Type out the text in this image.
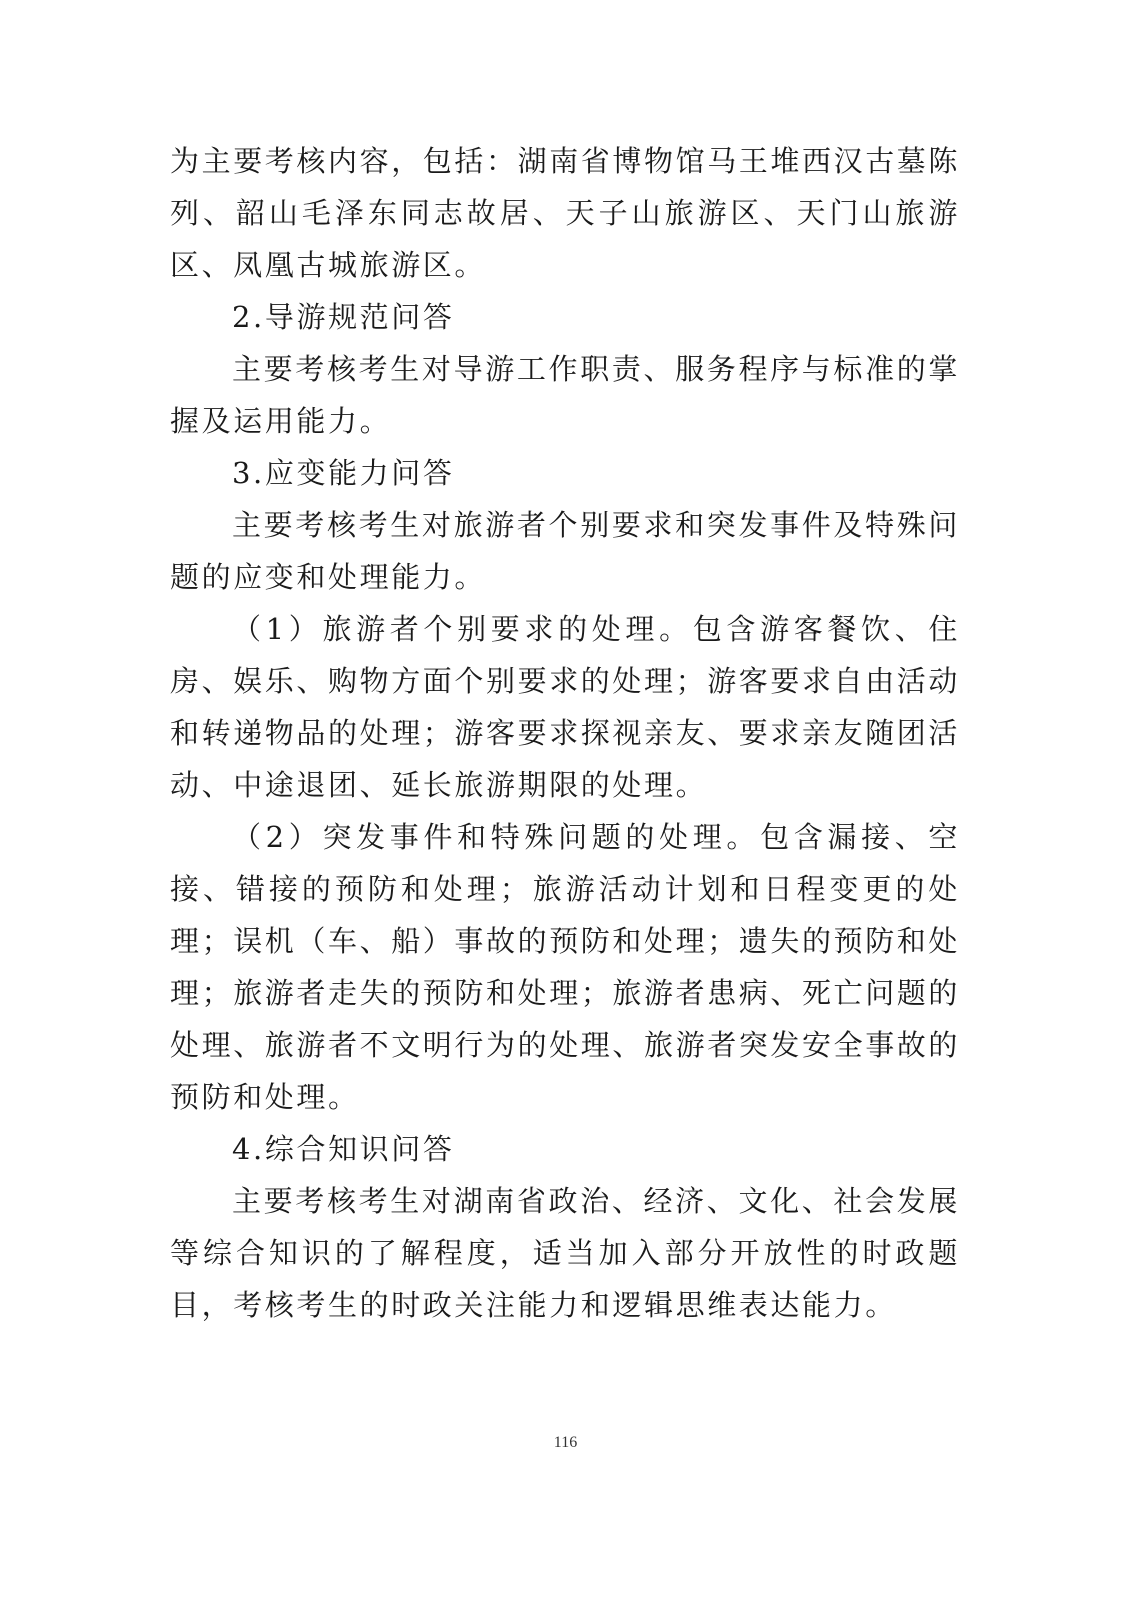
为主要考核内容，包括：湖南省博物馆马王堆西汉古墓陈列、韶山毛泽东同志故居、天子山旅游区、天门山旅游区、凤凰古城旅游区。

2.导游规范问答

主要考核考生对导游工作职责、服务程序与标准的掌握及运用能力。

3.应变能力问答

主要考核考生对旅游者个别要求和突发事件及特殊问题的应变和处理能力。

（1）旅游者个别要求的处理。包含游客餐饮、住房、娱乐、购物方面个别要求的处理；游客要求自由活动和转递物品的处理；游客要求探视亲友、要求亲友随团活动、中途退团、延长旅游期限的处理。

（2）突发事件和特殊问题的处理。包含漏接、空接、错接的预防和处理；旅游活动计划和日程变更的处理；误机（车、船）事故的预防和处理；遗失的预防和处理；旅游者走失的预防和处理；旅游者患病、死亡问题的处理、旅游者不文明行为的处理、旅游者突发安全事故的预防和处理。

4.综合知识问答

主要考核考生对湖南省政治、经济、文化、社会发展等综合知识的了解程度，适当加入部分开放性的时政题目，考核考生的时政关注能力和逻辑思维表达能力。

116
